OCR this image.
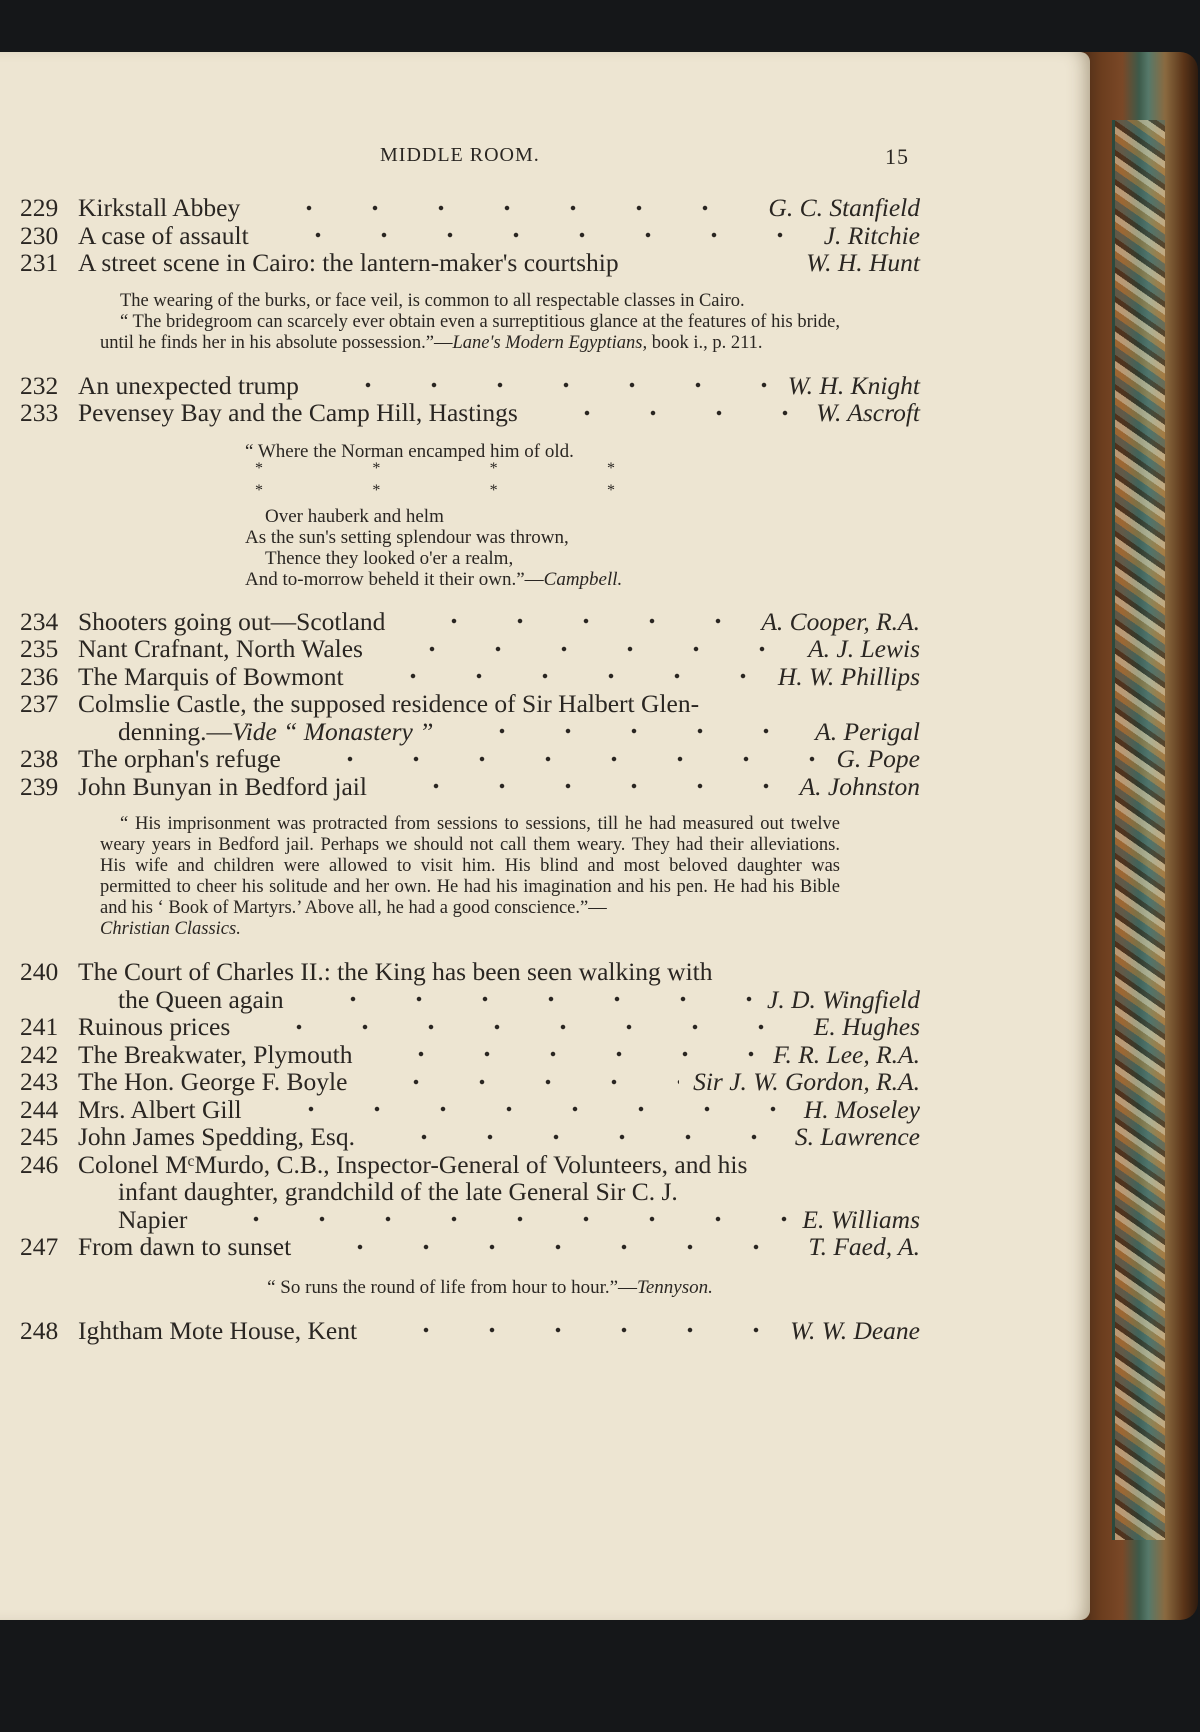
MIDDLE ROOM.	15
229 Kirkstall Abbey	G. C. Stanfield
230 A case of assault	J. Ritchie
231 A street scene in Cairo: the lantern-maker's courtship	W. H. Hunt
The wearing of the burks, or face veil, is common to all respectable classes in Cairo.
“ The bridegroom can scarcely ever obtain even a surreptitious glance at the features of his bride, until he finds her in his absolute possession.”—Lane's Modern Egyptians, book i., p. 211.
232 An unexpected trump	W. H. Knight
233 Pevensey Bay and the Camp Hill, Hastings	W. Ascroft
“ Where the Norman encamped him of old.
*	*	*	*
*	*	*	*
Over hauberk and helm
As the sun's setting splendour was thrown,
Thence they looked o'er a realm,
And to-morrow beheld it their own.”—Campbell.
234 Shooters going out—Scotland	A. Cooper, R.A.
235 Nant Crafnant, North Wales	A. J. Lewis
236 The Marquis of Bowmont	H. W. Phillips
237 Colmslie Castle, the supposed residence of Sir Halbert Glen-
denning.—Vide “ Monastery ”	A. Perigal
238 The orphan's refuge	G. Pope
239 John Bunyan in Bedford jail	A. Johnston
“ His imprisonment was protracted from sessions to sessions, till he had measured out twelve weary years in Bedford jail. Perhaps we should not call them weary. They had their alleviations. His wife and children were allowed to visit him. His blind and most beloved daughter was permitted to cheer his solitude and her own. He had his imagination and his pen. He had his Bible and his ‘ Book of Martyrs.’ Above all, he had a good conscience.”—
Christian Classics.
240 The Court of Charles II.: the King has been seen walking with
the Queen again	J. D. Wingfield
241 Ruinous prices	E. Hughes
242 The Breakwater, Plymouth	F. R. Lee, R.A.
243 The Hon. George F. Boyle	Sir J. W. Gordon, R.A.
244 Mrs. Albert Gill	H. Moseley
245 John James Spedding, Esq.	S. Lawrence
246 Colonel MᶜMurdo, C.B., Inspector-General of Volunteers, and his
infant daughter, grandchild of the late General Sir C. J.
Napier	E. Williams
247 From dawn to sunset	T. Faed, A.
“ So runs the round of life from hour to hour.”—Tennyson.
248 Ightham Mote House, Kent	W. W. Deane
